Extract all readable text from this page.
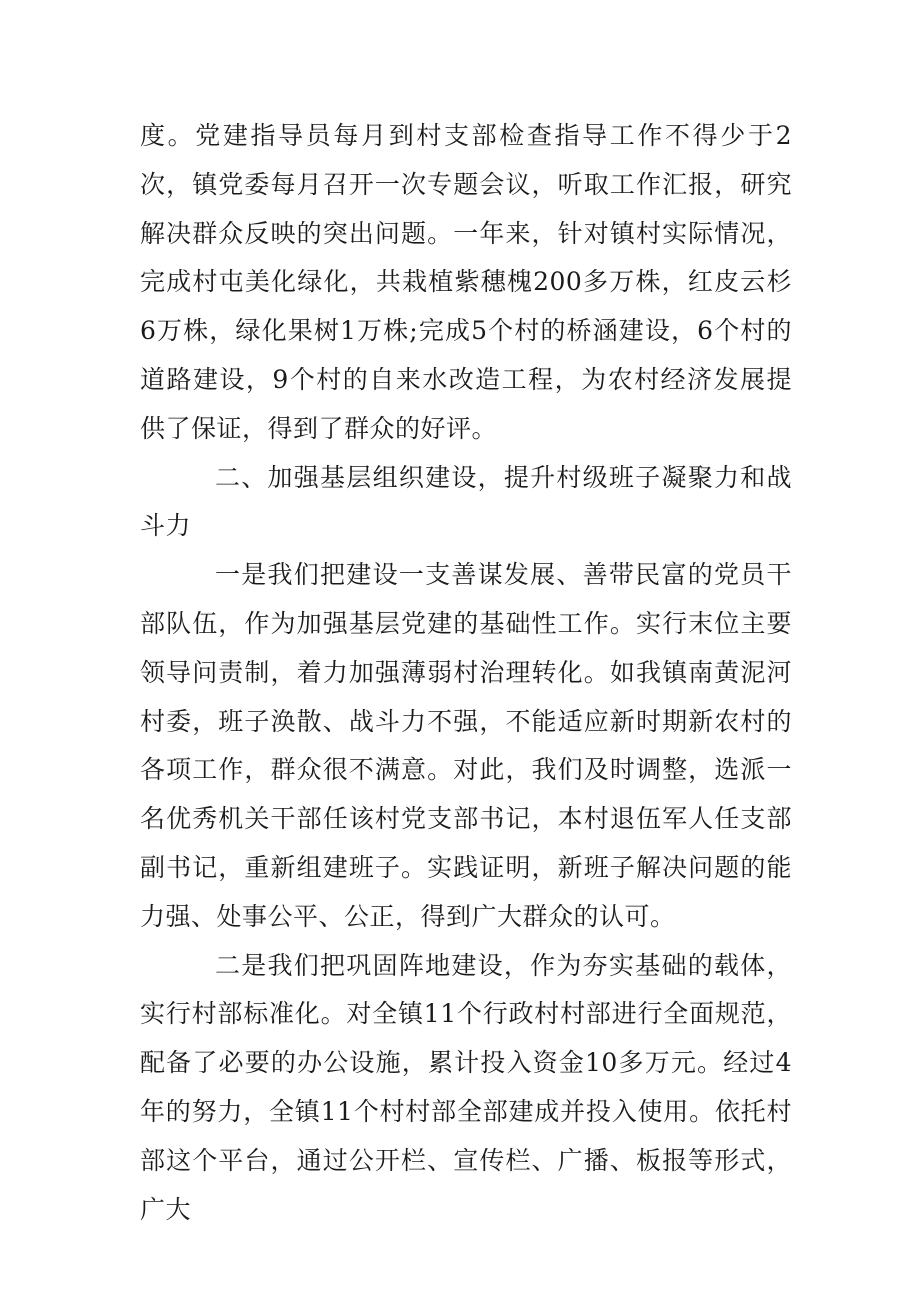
度。党建指导员每月到村支部检查指导工作不得少于2次，镇党委每月召开一次专题会议，听取工作汇报，研究解决群众反映的突出问题。一年来，针对镇村实际情况，完成村屯美化绿化，共栽植紫穗槐200多万株，红皮云杉6万株，绿化果树1万株;完成5个村的桥涵建设，6个村的道路建设，9个村的自来水改造工程，为农村经济发展提供了保证，得到了群众的好评。

二、加强基层组织建设，提升村级班子凝聚力和战斗力

一是我们把建设一支善谋发展、善带民富的党员干部队伍，作为加强基层党建的基础性工作。实行末位主要领导问责制，着力加强薄弱村治理转化。如我镇南黄泥河村委，班子涣散、战斗力不强，不能适应新时期新农村的各项工作，群众很不满意。对此，我们及时调整，选派一名优秀机关干部任该村党支部书记，本村退伍军人任支部副书记，重新组建班子。实践证明，新班子解决问题的能力强、处事公平、公正，得到广大群众的认可。

二是我们把巩固阵地建设，作为夯实基础的载体，实行村部标准化。对全镇11个行政村村部进行全面规范，配备了必要的办公设施，累计投入资金10多万元。经过4年的努力，全镇11个村村部全部建成并投入使用。依托村部这个平台，通过公开栏、宣传栏、广播、板报等形式，广大
